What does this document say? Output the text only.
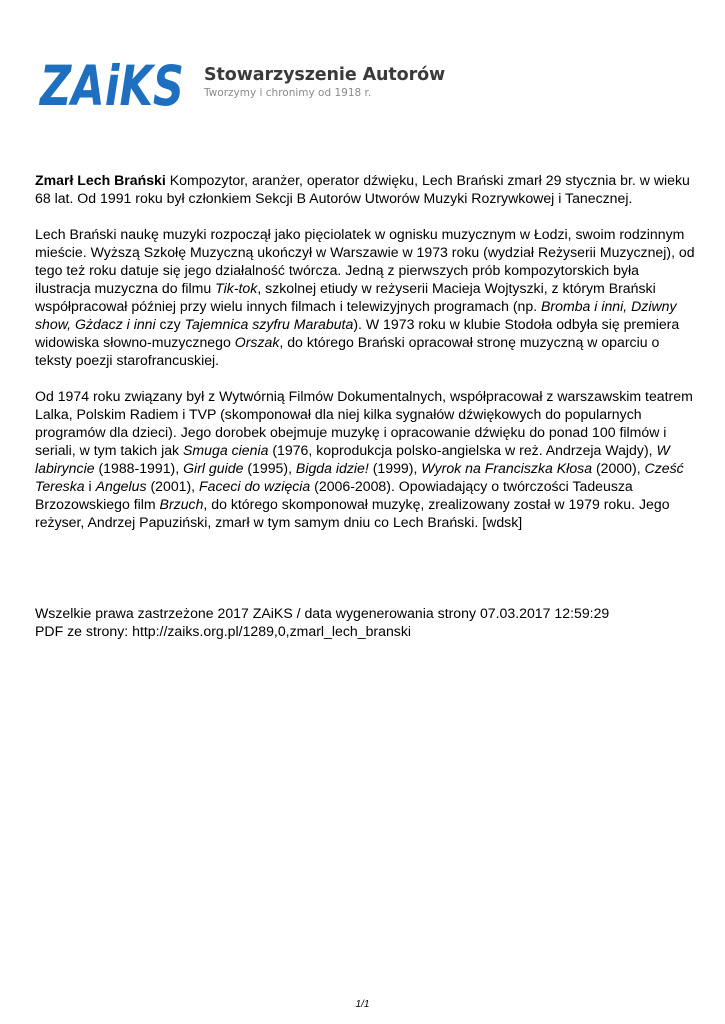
ZAiKS Stowarzyszenie Autorów
Tworzymy i chronimy od 1918 r.

Zmarł Lech Brański Kompozytor, aranżer, operator dźwięku, Lech Brański zmarł 29 stycznia br. w wieku 68 lat. Od 1991 roku był członkiem Sekcji B Autorów Utworów Muzyki Rozrywkowej i Tanecznej.

Lech Brański naukę muzyki rozpoczął jako pięciolatek w ognisku muzycznym w Łodzi, swoim rodzinnym mieście. Wyższą Szkołę Muzyczną ukończył w Warszawie w 1973 roku (wydział Reżyserii Muzycznej), od tego też roku datuje się jego działalność twórcza. Jedną z pierwszych prób kompozytorskich była ilustracja muzyczna do filmu Tik-tok, szkolnej etiudy w reżyserii Macieja Wojtyszki, z którym Brański współpracował później przy wielu innych filmach i telewizyjnych programach (np. Bromba i inni, Dziwny show, Gżdacz i inni czy Tajemnica szyfru Marabuta). W 1973 roku w klubie Stodoła odbyła się premiera widowiska słowno-muzycznego Orszak, do którego Brański opracował stronę muzyczną w oparciu o teksty poezji starofrancuskiej.

Od 1974 roku związany był z Wytwórnią Filmów Dokumentalnych, współpracował z warszawskim teatrem Lalka, Polskim Radiem i TVP (skomponował dla niej kilka sygnałów dźwiękowych do popularnych programów dla dzieci). Jego dorobek obejmuje muzykę i opracowanie dźwięku do ponad 100 filmów i seriali, w tym takich jak Smuga cienia (1976, koprodukcja polsko-angielska w reż. Andrzeja Wajdy), W labiryncie (1988-1991), Girl guide (1995), Bigda idzie! (1999), Wyrok na Franciszka Kłosa (2000), Cześć Tereska i Angelus (2001), Faceci do wzięcia (2006-2008). Opowiadający o twórczości Tadeusza Brzozowskiego film Brzuch, do którego skomponował muzykę, zrealizowany został w 1979 roku. Jego reżyser, Andrzej Papuziński, zmarł w tym samym dniu co Lech Brański. [wdsk]

Wszelkie prawa zastrzeżone 2017 ZAiKS / data wygenerowania strony 07.03.2017 12:59:29
PDF ze strony: http://zaiks.org.pl/1289,0,zmarl_lech_branski
1/1
